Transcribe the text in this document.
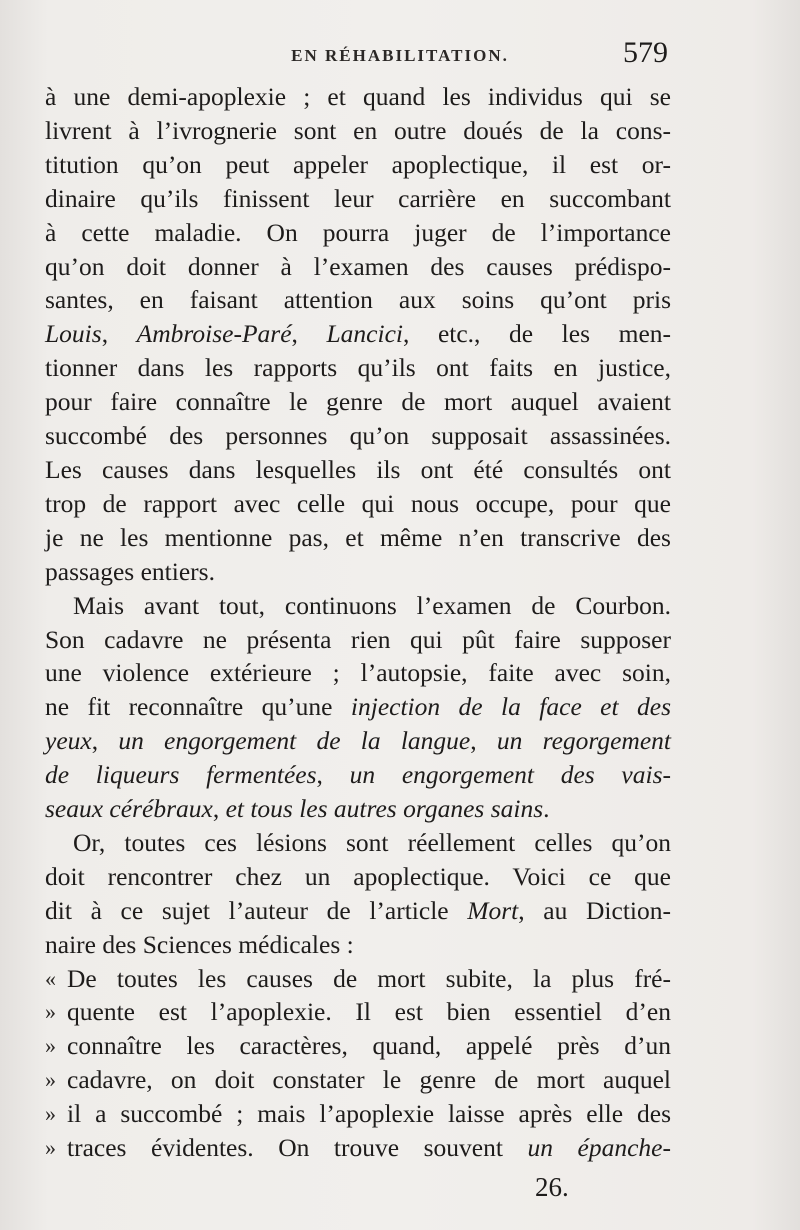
EN RÉHABILITATION.	579

à une demi-apoplexie ; et quand les individus qui se
livrent à l’ivrognerie sont en outre doués de la cons-
titution qu’on peut appeler apoplectique, il est or-
dinaire qu’ils finissent leur carrière en succombant
à cette maladie. On pourra juger de l’importance
qu’on doit donner à l’examen des causes prédispo-
santes, en faisant attention aux soins qu’ont pris
Louis, Ambroise-Paré, Lancici, etc., de les men-
tionner dans les rapports qu’ils ont faits en justice,
pour faire connaître le genre de mort auquel avaient
succombé des personnes qu’on supposait assassinées.
Les causes dans lesquelles ils ont été consultés ont
trop de rapport avec celle qui nous occupe, pour que
je ne les mentionne pas, et même n’en transcrive des
passages entiers.

Mais avant tout, continuons l’examen de Courbon.
Son cadavre ne présenta rien qui pût faire supposer
une violence extérieure ; l’autopsie, faite avec soin,
ne fit reconnaître qu’une injection de la face et des
yeux, un engorgement de la langue, un regorgement
de liqueurs fermentées, un engorgement des vais-
seaux cérébraux, et tous les autres organes sains.

Or, toutes ces lésions sont réellement celles qu’on
doit rencontrer chez un apoplectique. Voici ce que
dit à ce sujet l’auteur de l’article Mort, au Diction-
naire des Sciences médicales :

« De toutes les causes de mort subite, la plus fré-
» quente est l’apoplexie. Il est bien essentiel d’en
» connaître les caractères, quand, appelé près d’un
» cadavre, on doit constater le genre de mort auquel
» il a succombé ; mais l’apoplexie laisse après elle des
» traces évidentes. On trouve souvent un épanche-
26.
